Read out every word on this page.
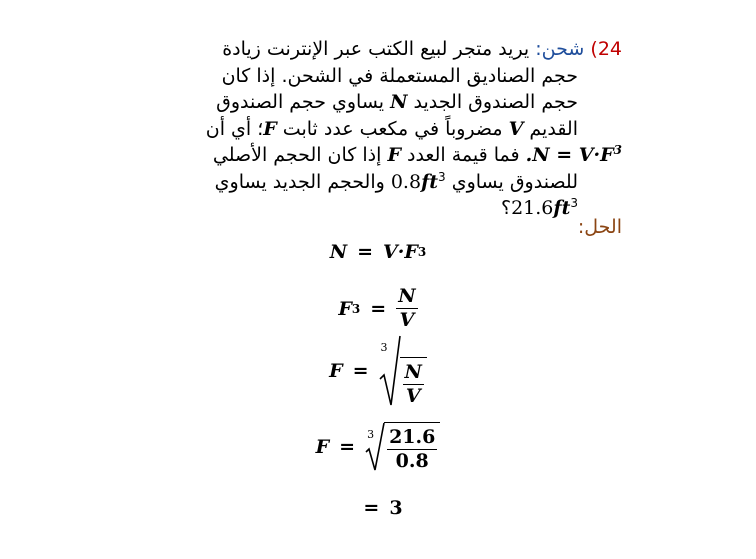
24) شحن: يريد متجر لبيع الكتب عبر الإنترنت زيادة
حجم الصناديق المستعملة في الشحن. إذا كان
حجم الصندوق الجديد N يساوي حجم الصندوق
القديم V مضروباً في مكعب عدد ثابت F؛ أي أن
$N = V\cdot F^3$. فما قيمة العدد F إذا كان الحجم الأصلي
للصندوق يساوي $0.8ft^3$ والحجم الجديد يساوي
$21.6ft^3؟$
الحل:
N = V·F 3
F $3 = \frac{N}{V}$
F =
3
$\frac{N}{V}$
F =
$3 \frac{21.6}{0.8}$
= 3
